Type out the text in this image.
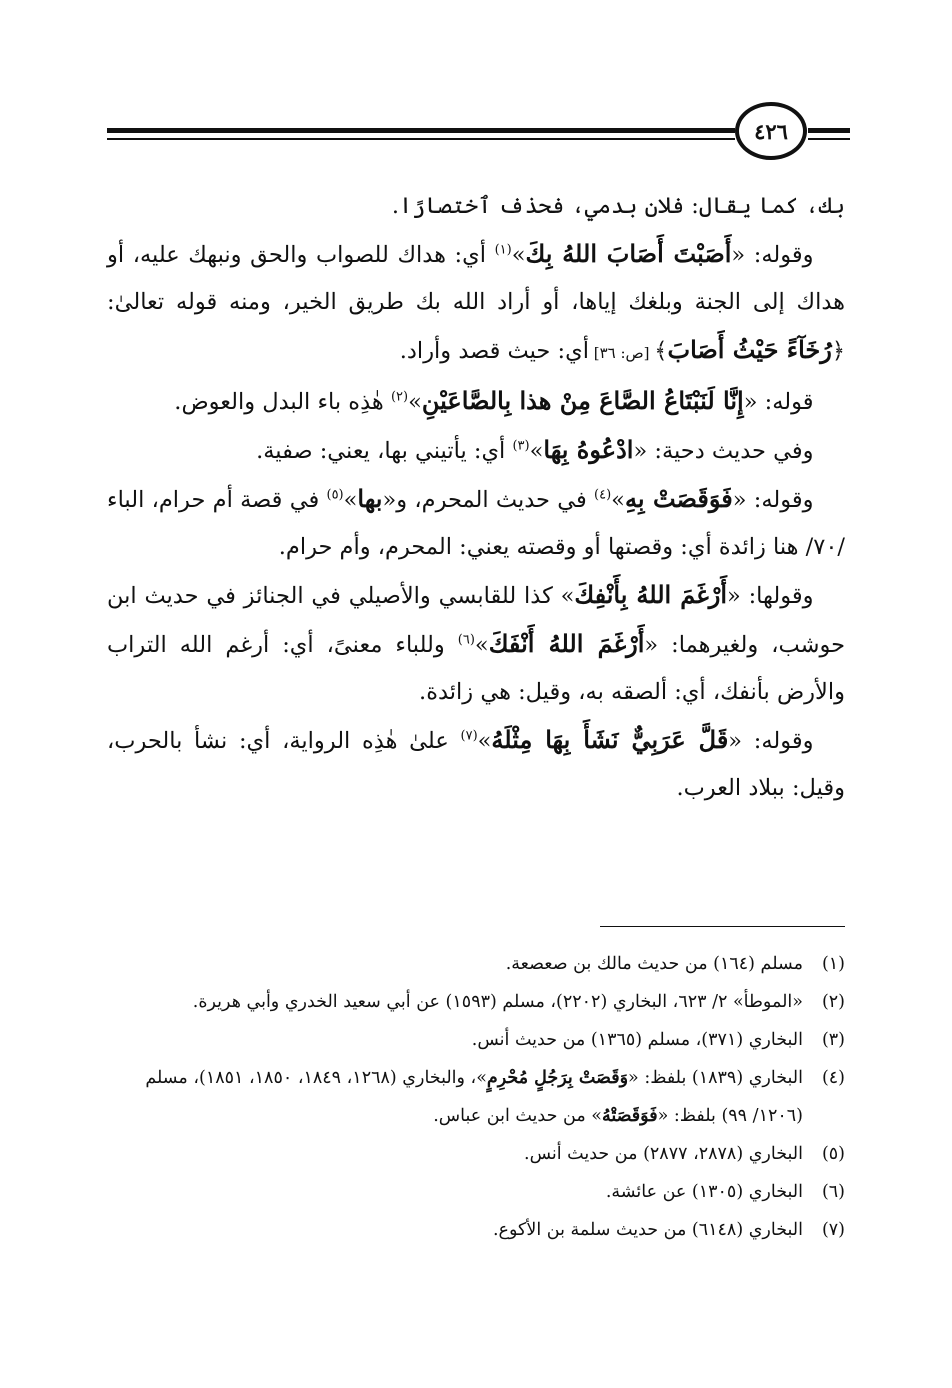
٤٢٦

بك، كما يقال: فلان بدمي، فحذف ٱختصارًا.

وقوله: «أَصَبْتَ أَصَابَ اللهُ بِكَ»$^{(١)}$ أي: هداك للصواب والحق ونبهك عليه، أو هداك إلى الجنة وبلغك إياها، أو أراد الله بك طريق الخير، ومنه قوله تعالىٰ: ﴿رُخَآءً حَيْثُ أَصَابَ﴾ [ص: ٣٦] أي: حيث قصد وأراد.

قوله: «إِنَّا لَنَبْتَاعُ الصَّاعَ مِنْ هذا بِالصَّاعَيْنِ»$^{(٢)}$ هٰذِه باء البدل والعوض.

وفي حديث دحية: «ادْعُوهُ بِهَا»$^{(٣)}$ أي: يأتيني بها، يعني: صفية.

وقوله: «فَوَقَصَتْ بِهِ»$^{(٤)}$ في حديث المحرم، و«بها»$^{(٥)}$ في قصة أم حرام، الباء /٧٠/ هنا زائدة أي: وقصتها أو وقصته يعني: المحرم، وأم حرام.

وقولها: «أَرْغَمَ اللهُ بِأَنْفِكَ» كذا للقابسي والأصيلي في الجنائز في حديث ابن حوشب، ولغيرهما: «أَرْغَمَ اللهُ أَنْفَكَ»$^{(٦)}$ وللباء معنىً، أي: أرغم الله التراب والأرض بأنفك، أي: ألصقه به، وقيل: هي زائدة.

وقوله: «قَلَّ عَرَبِيٌّ نَشَأَ بِهَا مِثْلَهُ»$^{(٧)}$ علىٰ هٰذِه الرواية، أي: نشأ بالحرب، وقيل: ببلاد العرب.

(١)
مسلم (١٦٤) من حديث مالك بن صعصعة.
(٢)
«الموطأ» ٢/ ٦٢٣، البخاري (٢٢٠٢)، مسلم (١٥٩٣) عن أبي سعيد الخدري وأبي هريرة.
(٣)
البخاري (٣٧١)، مسلم (١٣٦٥) من حديث أنس.
(٤)
البخاري (١٨٣٩) بلفظ: «وَقَصَتْ بِرَجُلٍ مُحْرِمٍ»، والبخاري (١٢٦٨، ١٨٤٩، ١٨٥٠، ١٨٥١)، مسلم (١٢٠٦/ ٩٩) بلفظ: «فَوَقَصَتْهُ» من حديث ابن عباس.
(٥)
البخاري (٢٨٧٨، ٢٨٧٧) من حديث أنس.
(٦)
البخاري (١٣٠٥) عن عائشة.
(٧)
البخاري (٦١٤٨) من حديث سلمة بن الأكوع.
